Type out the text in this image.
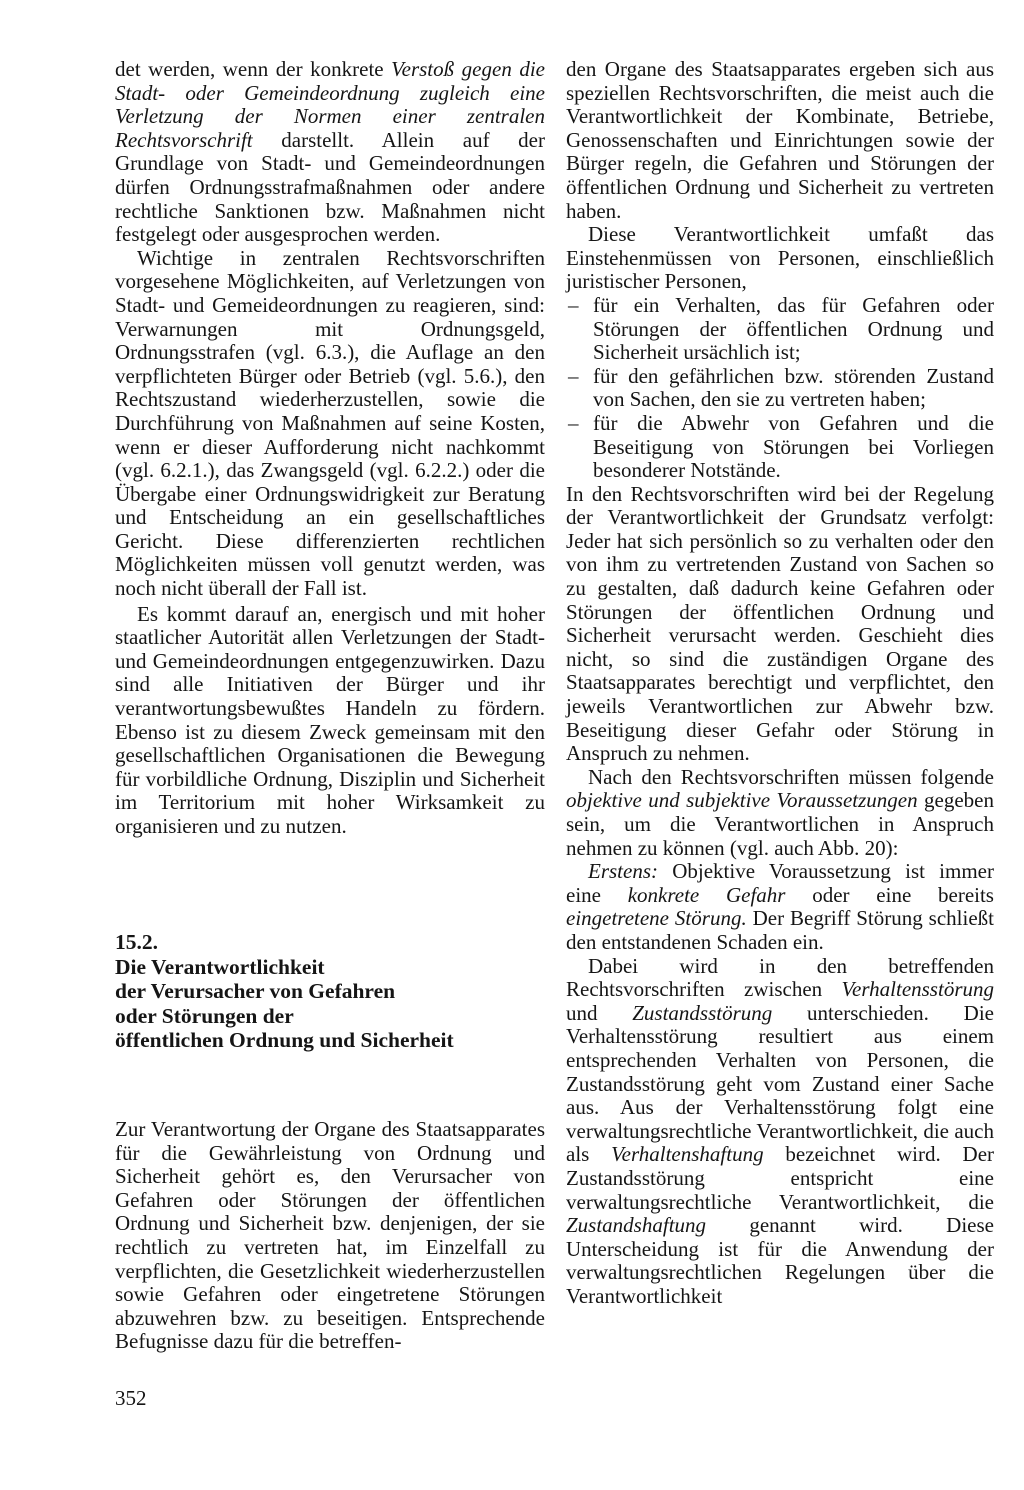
det werden, wenn der konkrete Verstoß gegen die Stadt- oder Gemeindeordnung zugleich eine Verletzung der Normen einer zentralen Rechtsvorschrift darstellt. Allein auf der Grundlage von Stadt- und Gemeindeordnungen dürfen Ordnungsstrafmaßnahmen oder andere rechtliche Sanktionen bzw. Maßnahmen nicht festgelegt oder ausgesprochen werden.

Wichtige in zentralen Rechtsvorschriften vorgesehene Möglichkeiten, auf Verletzungen von Stadt- und Gemeideordnungen zu reagieren, sind: Verwarnungen mit Ordnungsgeld, Ordnungsstrafen (vgl. 6.3.), die Auflage an den verpflichteten Bürger oder Betrieb (vgl. 5.6.), den Rechtszustand wiederherzustellen, sowie die Durchführung von Maßnahmen auf seine Kosten, wenn er dieser Aufforderung nicht nachkommt (vgl. 6.2.1.), das Zwangsgeld (vgl. 6.2.2.) oder die Übergabe einer Ordnungswidrigkeit zur Beratung und Entscheidung an ein gesellschaftliches Gericht. Diese differenzierten rechtlichen Möglichkeiten müssen voll genutzt werden, was noch nicht überall der Fall ist.

Es kommt darauf an, energisch und mit hoher staatlicher Autorität allen Verletzungen der Stadt- und Gemeindeordnungen entgegenzuwirken. Dazu sind alle Initiativen der Bürger und ihr verantwortungsbewußtes Handeln zu fördern. Ebenso ist zu diesem Zweck gemeinsam mit den gesellschaftlichen Organisationen die Bewegung für vorbildliche Ordnung, Disziplin und Sicherheit im Territorium mit hoher Wirksamkeit zu organisieren und zu nutzen.

15.2.
Die Verantwortlichkeit
der Verursacher von Gefahren
oder Störungen der
öffentlichen Ordnung und Sicherheit

Zur Verantwortung der Organe des Staatsapparates für die Gewährleistung von Ordnung und Sicherheit gehört es, den Verursacher von Gefahren oder Störungen der öffentlichen Ordnung und Sicherheit bzw. denjenigen, der sie rechtlich zu vertreten hat, im Einzelfall zu verpflichten, die Gesetzlichkeit wiederherzustellen sowie Gefahren oder eingetretene Störungen abzuwehren bzw. zu beseitigen. Entsprechende Befugnisse dazu für die betreffen-

den Organe des Staatsapparates ergeben sich aus speziellen Rechtsvorschriften, die meist auch die Verantwortlichkeit der Kombinate, Betriebe, Genossenschaften und Einrichtungen sowie der Bürger regeln, die Gefahren und Störungen der öffentlichen Ordnung und Sicherheit zu vertreten haben.

Diese Verantwortlichkeit umfaßt das Einstehenmüssen von Personen, einschließlich juristischer Personen,

– für ein Verhalten, das für Gefahren oder Störungen der öffentlichen Ordnung und Sicherheit ursächlich ist;
– für den gefährlichen bzw. störenden Zustand von Sachen, den sie zu vertreten haben;
– für die Abwehr von Gefahren und die Beseitigung von Störungen bei Vorliegen besonderer Notstände.

In den Rechtsvorschriften wird bei der Regelung der Verantwortlichkeit der Grundsatz verfolgt: Jeder hat sich persönlich so zu verhalten oder den von ihm zu vertretenden Zustand von Sachen so zu gestalten, daß dadurch keine Gefahren oder Störungen der öffentlichen Ordnung und Sicherheit verursacht werden. Geschieht dies nicht, so sind die zuständigen Organe des Staatsapparates berechtigt und verpflichtet, den jeweils Verantwortlichen zur Abwehr bzw. Beseitigung dieser Gefahr oder Störung in Anspruch zu nehmen.

Nach den Rechtsvorschriften müssen folgende objektive und subjektive Voraussetzungen gegeben sein, um die Verantwortlichen in Anspruch nehmen zu können (vgl. auch Abb. 20):

Erstens: Objektive Voraussetzung ist immer eine konkrete Gefahr oder eine bereits eingetretene Störung. Der Begriff Störung schließt den entstandenen Schaden ein.

Dabei wird in den betreffenden Rechtsvorschriften zwischen Verhaltensstörung und Zustandsstörung unterschieden. Die Verhaltensstörung resultiert aus einem entsprechenden Verhalten von Personen, die Zustandsstörung geht vom Zustand einer Sache aus. Aus der Verhaltensstörung folgt eine verwaltungsrechtliche Verantwortlichkeit, die auch als Verhaltenshaftung bezeichnet wird. Der Zustandsstörung entspricht eine verwaltungsrechtliche Verantwortlichkeit, die Zustandshaftung genannt wird. Diese Unterscheidung ist für die Anwendung der verwaltungsrechtlichen Regelungen über die Verantwortlichkeit

352
